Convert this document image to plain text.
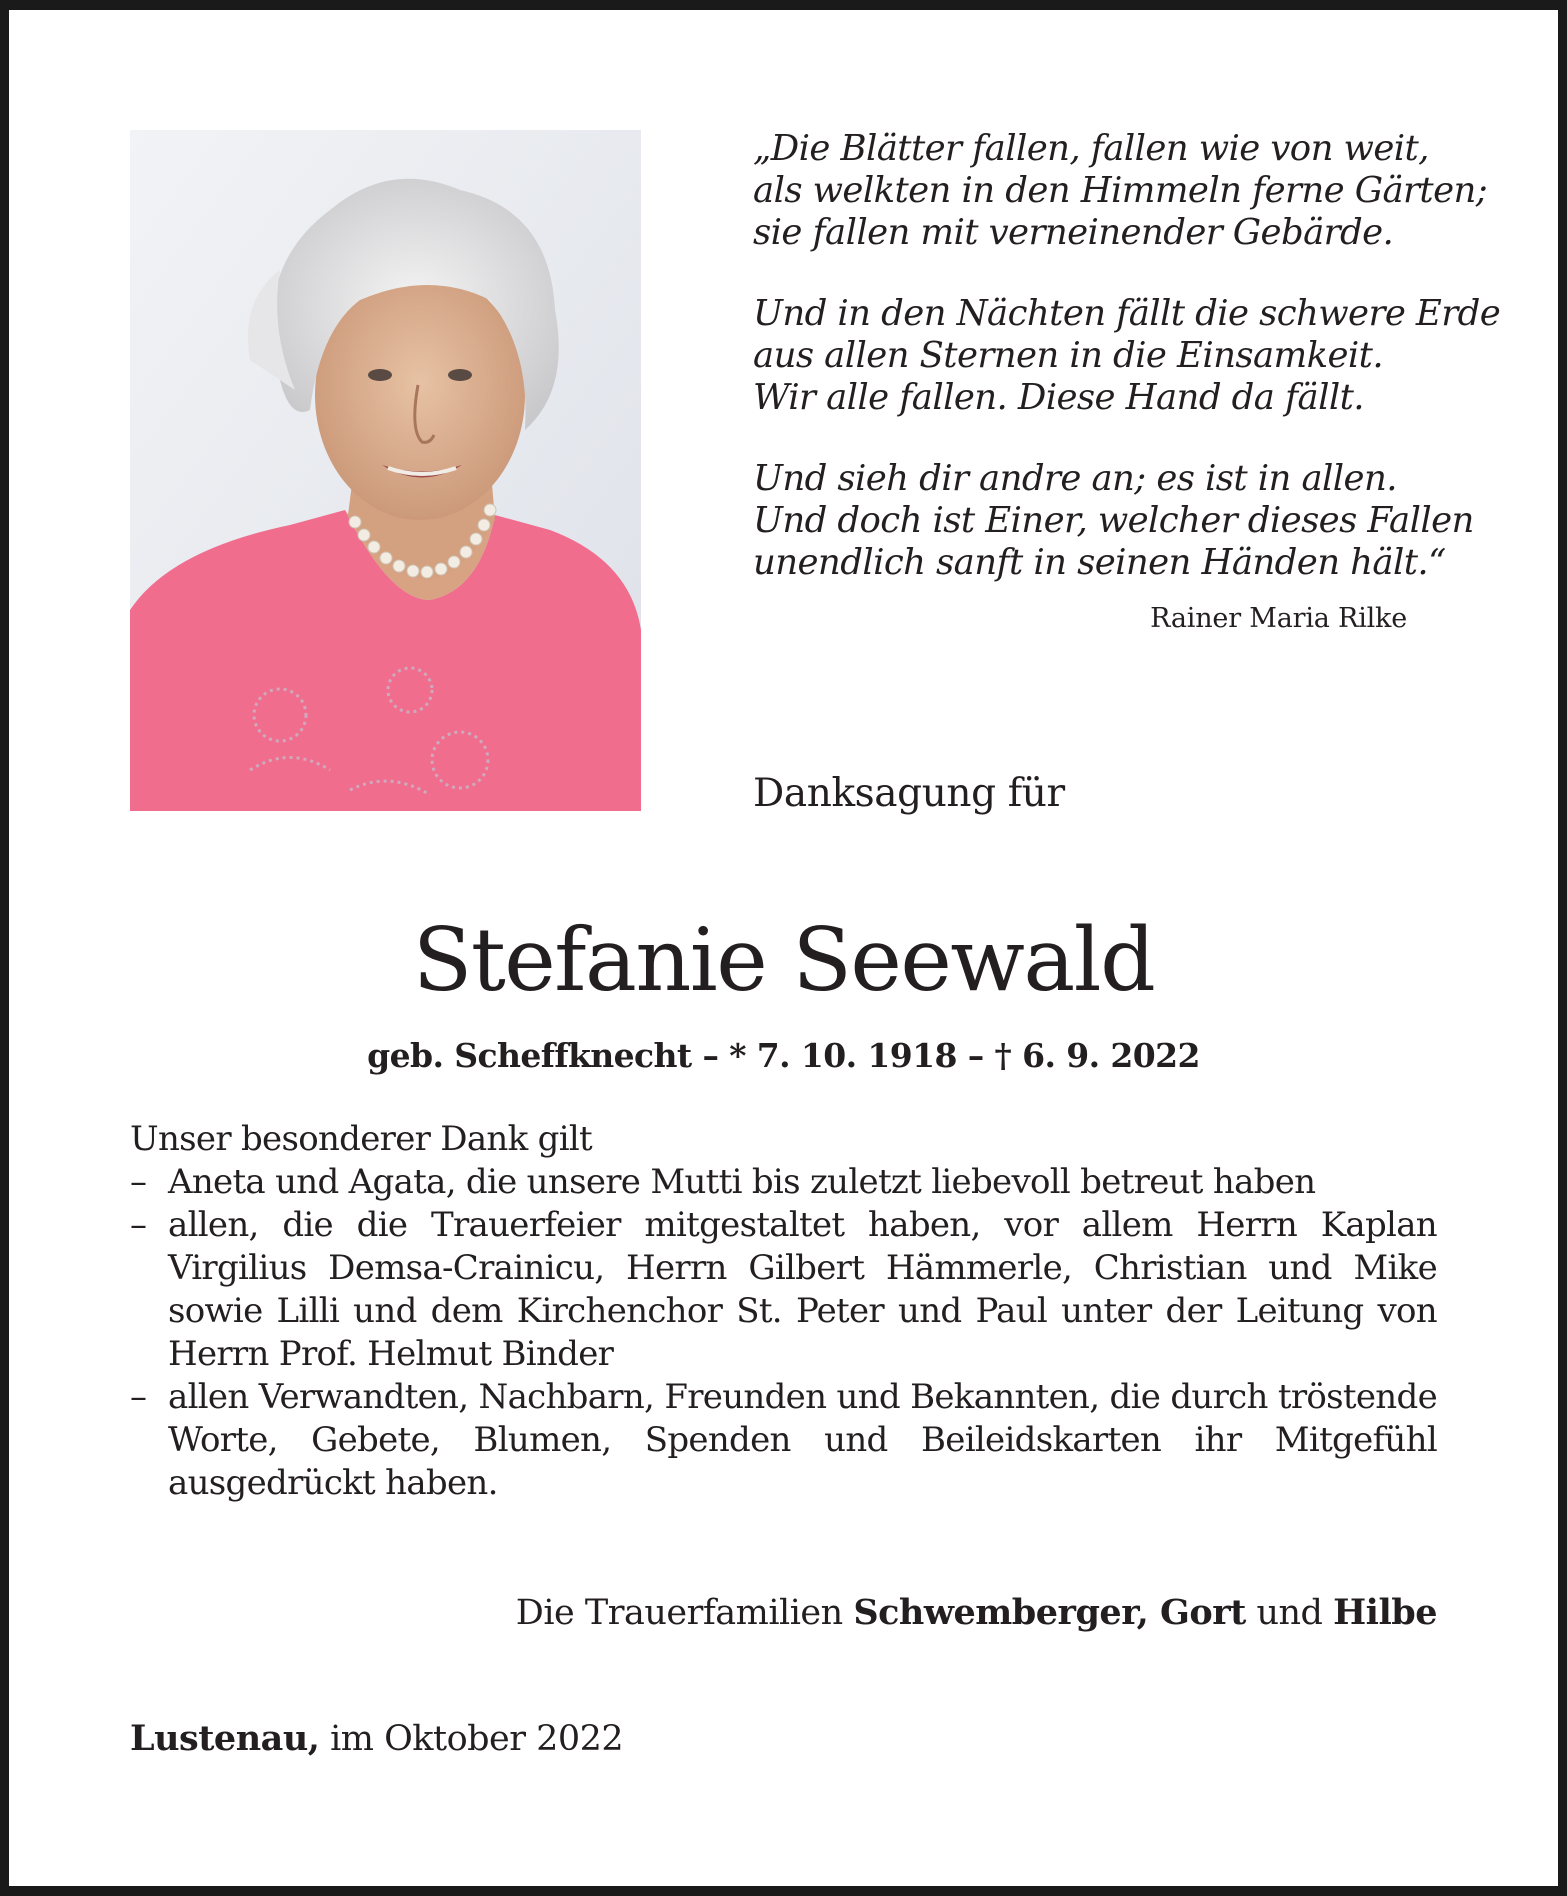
„Die Blätter fallen, fallen wie von weit,
als welkten in den Himmeln ferne Gärten;
sie fallen mit verneinender Gebärde.
Und in den Nächten fällt die schwere Erde
aus allen Sternen in die Einsamkeit.
Wir alle fallen. Diese Hand da fällt.
Und sieh dir andre an; es ist in allen.
Und doch ist Einer, welcher dieses Fallen
unendlich sanft in seinen Händen hält.“
Rainer Maria Rilke
Danksagung für
Stefanie Seewald
geb. Scheffknecht – * 7. 10. 1918 – † 6. 9. 2022
Unser besonderer Dank gilt
– Aneta und Agata, die unsere Mutti bis zuletzt liebevoll betreut haben
– allen, die die Trauerfeier mitgestaltet haben, vor allem Herrn Kaplan Virgilius Demsa-Crainicu, Herrn Gilbert Hämmerle, Christian und Mike sowie Lilli und dem Kirchenchor St. Peter und Paul unter der Leitung von Herrn Prof. Helmut Binder
– allen Verwandten, Nachbarn, Freunden und Bekannten, die durch tröstende Worte, Gebete, Blumen, Spenden und Beileidskarten ihr Mitgefühl ausgedrückt haben.
Die Trauerfamilien Schwemberger, Gort und Hilbe
Lustenau, im Oktober 2022
